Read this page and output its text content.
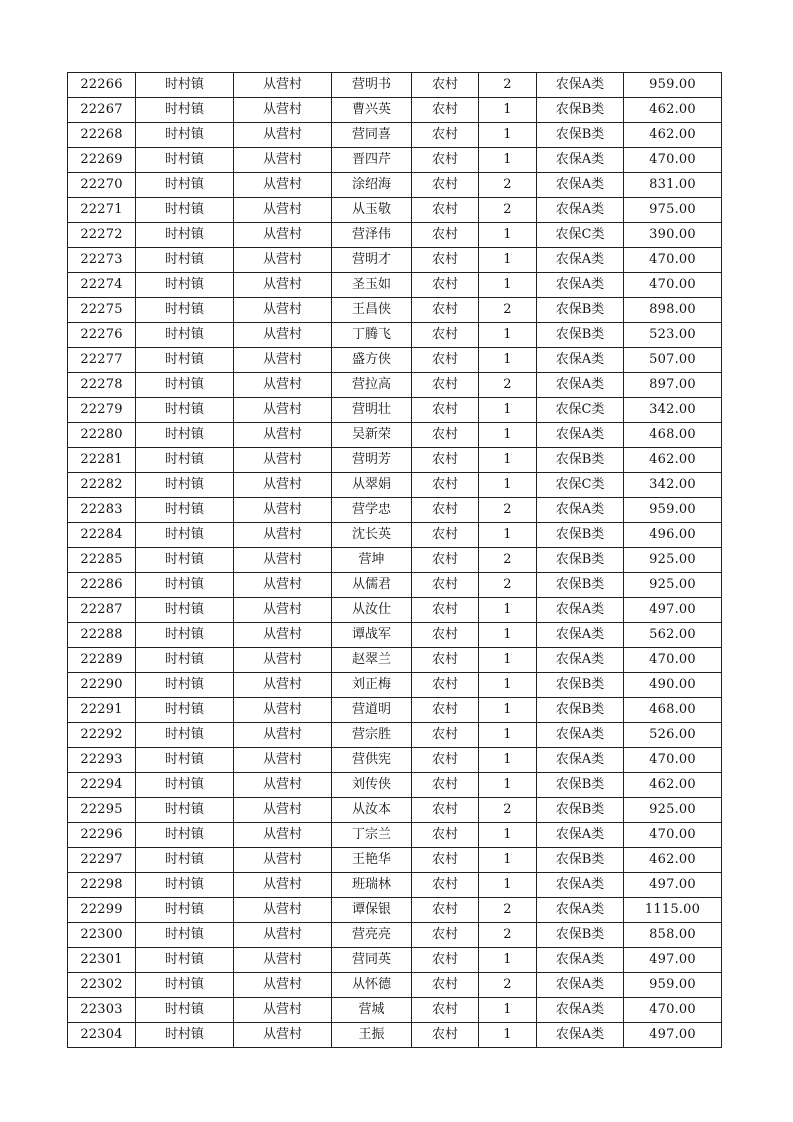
22266	时村镇	从营村	营明书	农村	2	农保A类	959.00
22267	时村镇	从营村	曹兴英	农村	1	农保B类	462.00
22268	时村镇	从营村	营同喜	农村	1	农保B类	462.00
22269	时村镇	从营村	晋四芹	农村	1	农保A类	470.00
22270	时村镇	从营村	涂绍海	农村	2	农保A类	831.00
22271	时村镇	从营村	从玉敬	农村	2	农保A类	975.00
22272	时村镇	从营村	营泽伟	农村	1	农保C类	390.00
22273	时村镇	从营村	营明才	农村	1	农保A类	470.00
22274	时村镇	从营村	圣玉如	农村	1	农保A类	470.00
22275	时村镇	从营村	王昌侠	农村	2	农保B类	898.00
22276	时村镇	从营村	丁腾飞	农村	1	农保B类	523.00
22277	时村镇	从营村	盛方侠	农村	1	农保A类	507.00
22278	时村镇	从营村	营拉高	农村	2	农保A类	897.00
22279	时村镇	从营村	营明壮	农村	1	农保C类	342.00
22280	时村镇	从营村	吴新荣	农村	1	农保A类	468.00
22281	时村镇	从营村	营明芳	农村	1	农保B类	462.00
22282	时村镇	从营村	从翠娟	农村	1	农保C类	342.00
22283	时村镇	从营村	营学忠	农村	2	农保A类	959.00
22284	时村镇	从营村	沈长英	农村	1	农保B类	496.00
22285	时村镇	从营村	营坤	农村	2	农保B类	925.00
22286	时村镇	从营村	从儒君	农村	2	农保B类	925.00
22287	时村镇	从营村	从汝仕	农村	1	农保A类	497.00
22288	时村镇	从营村	谭战军	农村	1	农保A类	562.00
22289	时村镇	从营村	赵翠兰	农村	1	农保A类	470.00
22290	时村镇	从营村	刘正梅	农村	1	农保B类	490.00
22291	时村镇	从营村	营道明	农村	1	农保B类	468.00
22292	时村镇	从营村	营宗胜	农村	1	农保A类	526.00
22293	时村镇	从营村	营供宪	农村	1	农保A类	470.00
22294	时村镇	从营村	刘传侠	农村	1	农保B类	462.00
22295	时村镇	从营村	从汝本	农村	2	农保B类	925.00
22296	时村镇	从营村	丁宗兰	农村	1	农保A类	470.00
22297	时村镇	从营村	王艳华	农村	1	农保B类	462.00
22298	时村镇	从营村	班瑞林	农村	1	农保A类	497.00
22299	时村镇	从营村	谭保银	农村	2	农保A类	1115.00
22300	时村镇	从营村	营亮亮	农村	2	农保B类	858.00
22301	时村镇	从营村	营同英	农村	1	农保A类	497.00
22302	时村镇	从营村	从怀德	农村	2	农保A类	959.00
22303	时村镇	从营村	营城	农村	1	农保A类	470.00
22304	时村镇	从营村	王振	农村	1	农保A类	497.00
